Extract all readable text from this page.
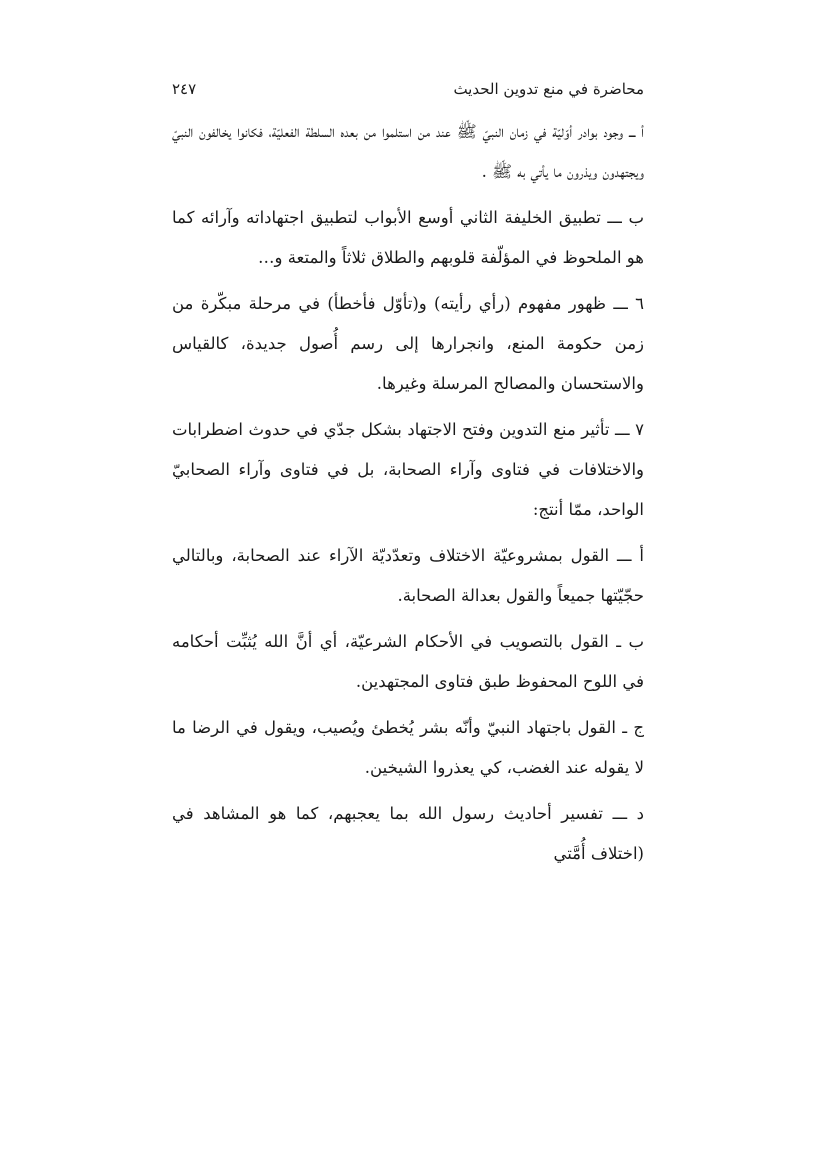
محاضرة في منع تدوين الحديث
٢٤٧

أ ـــ وجود بوادر أوّليّة في زمان النبيّ ﷺ عند من استلموا من بعده السلطة الفعليّة، فكانوا يخالفون النبيّ ويجتهدون ويذرون ما يأتي به ﷺ .

ب ـــ تطبيق الخليفة الثاني أوسع الأبواب لتطبيق اجتهاداته وآرائه كما هو الملحوظ في المؤلّفة قلوبهم والطلاق ثلاثاً والمتعة و…

٦ ـــ ظهور مفهوم (رأي رأيته) و(تأوّل فأخطأ) في مرحلة مبكّرة من زمن حكومة المنع، وانجرارها إلى رسم أُصول جديدة، كالقياس والاستحسان والمصالح المرسلة وغيرها.

٧ ـــ تأثير منع التدوين وفتح الاجتهاد بشكل جدّي في حدوث اضطرابات والاختلافات في فتاوى وآراء الصحابة، بل في فتاوى وآراء الصحابيّ الواحد، ممّا أنتج:

أ ـــ القول بمشروعيّة الاختلاف وتعدّديّة الآراء عند الصحابة، وبالتالي حجّيّتها جميعاً والقول بعدالة الصحابة.

ب ـ القول بالتصويب في الأحكام الشرعيّة، أي أنَّ الله يُثبِّت أحكامه في اللوح المحفوظ طبق فتاوى المجتهدين.

ج ـ القول باجتهاد النبيّ وأنّه بشر يُخطئ ويُصيب، ويقول في الرضا ما لا يقوله عند الغضب، كي يعذروا الشيخين.

د ـــ تفسير أحاديث رسول الله بما يعجبهم، كما هو المشاهد في (اختلاف أُمَّتي
